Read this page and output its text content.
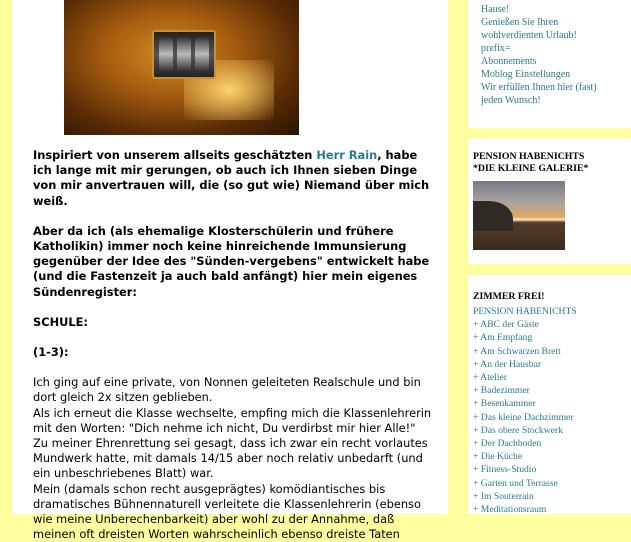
Inspiriert von unserem allseits geschätzten Herr Rain, habe ich lange mit mir gerungen, ob auch ich Ihnen sieben Dinge von mir anvertrauen will, die (so gut wie) Niemand über mich weiß.

Aber da ich (als ehemalige Klosterschülerin und frühere Katholikin) immer noch keine hinreichende Immunsierung gegenüber der Idee des "Sünden-vergebens" entwickelt habe (und die Fastenzeit ja auch bald anfängt) hier mein eigenes Sündenregister:

SCHULE:

(1-3):

Ich ging auf eine private, von Nonnen geleiteten Realschule und bin dort gleich 2x sitzen geblieben.

Als ich erneut die Klasse wechselte, empfing mich die Klassenlehrerin mit den Worten: "Dich nehme ich nicht, Du verdirbst mir hier Alle!"

Zu meiner Ehrenrettung sei gesagt, dass ich zwar ein recht vorlautes Mundwerk hatte, mit damals 14/15 aber noch relativ unbedarft (und ein unbeschriebenes Blatt) war.

Mein (damals schon recht ausgeprägtes) komödiantisches bis dramatisches Bühnennaturell verleitete die Klassenlehrerin (ebenso wie meine Unberechenbarkeit) aber wohl zu der Annahme, daß meinen oft dreisten Worten wahrscheinlich ebenso dreiste Taten

Hause!
Genießen Sie Ihren
wohlverdienten Urlaub!
prefix=
Abonnements
Moblog Einstellungen
Wir erfüllen Ihnen hier (fast)
jeden Wunsch!
PENSION HABENICHTS
*DIE KLEINE GALERIE*
ZIMMER FREI!
PENSION HABENICHTS
+ ABC der Gäste
+ Am Empfang
+ Am Schwarzen Brett
+ An der Hausbar
+ Atelier
+ Badezimmer
+ Besenkammer
+ Das kleine Dachzimmer
+ Das obere Stockwerk
+ Der Dachboden
+ Die Küche
+ Fitness-Studio
+ Garten und Terrasse
+ Im Souterrain
+ Meditationsraum
